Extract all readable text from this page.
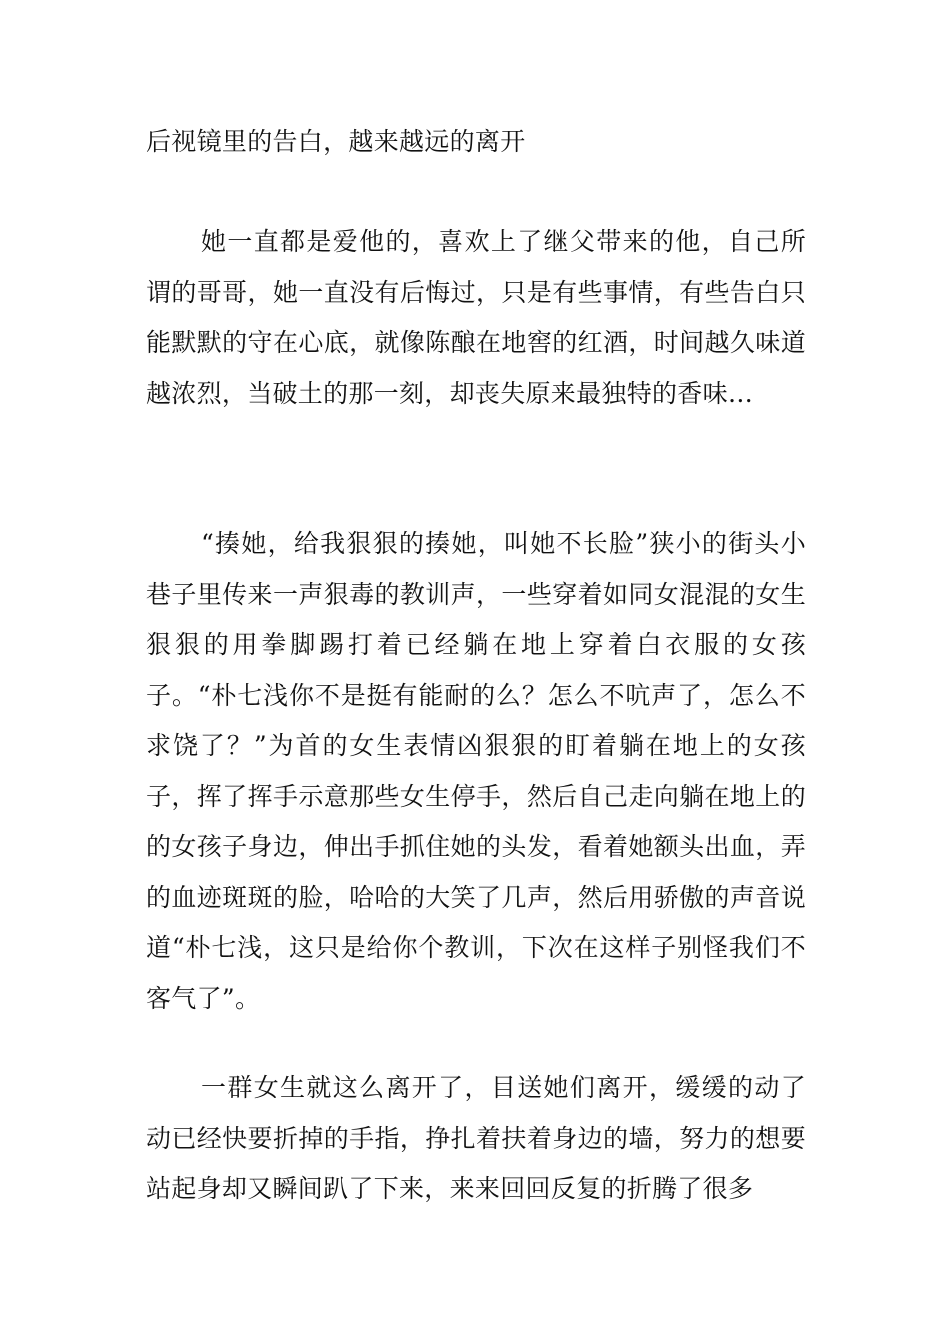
后视镜里的告白，越来越远的离开
她一直都是爱他的，喜欢上了继父带来的他，自己所谓的哥哥，她一直没有后悔过，只是有些事情，有些告白只能默默的守在心底，就像陈酿在地窖的红酒，时间越久味道越浓烈，当破土的那一刻，却丧失原来最独特的香味…
“揍她，给我狠狠的揍她，叫她不长脸”狭小的街头小巷子里传来一声狠毒的教训声，一些穿着如同女混混的女生狠狠的用拳脚踢打着已经躺在地上穿着白衣服的女孩子。“朴七浅你不是挺有能耐的么？怎么不吭声了，怎么不求饶了？”为首的女生表情凶狠狠的盯着躺在地上的女孩子，挥了挥手示意那些女生停手，然后自己走向躺在地上的的女孩子身边，伸出手抓住她的头发，看着她额头出血，弄的血迹斑斑的脸，哈哈的大笑了几声，然后用骄傲的声音说道“朴七浅，这只是给你个教训，下次在这样子别怪我们不客气了”。
一群女生就这么离开了，目送她们离开，缓缓的动了动已经快要折掉的手指，挣扎着扶着身边的墙，努力的想要站起身却又瞬间趴了下来，来来回回反复的折腾了很多
